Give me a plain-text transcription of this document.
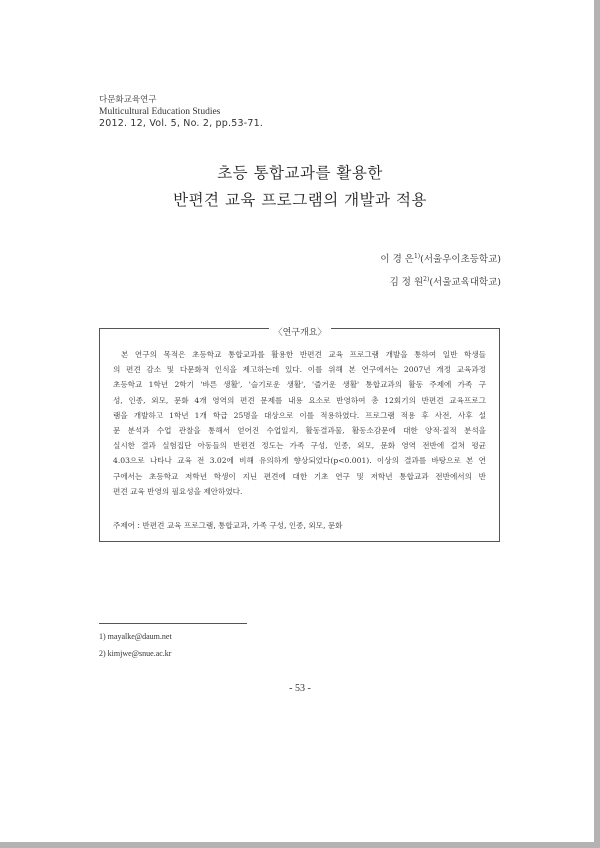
다문화교육연구
Multicultural Education Studies
2012. 12, Vol. 5, No. 2, pp.53-71.
초등 통합교과를 활용한
반편견 교육 프로그램의 개발과 적용
이 경 은$^{1)}$(서울우이초등학교)
김 정 원$^{2)}$(서울교육대학교)
〈연구개요〉
본 연구의 목적은 초등학교 통합교과를 활용한 반편견 교육 프로그램 개발을 통하여 일반 학생들
의 편견 감소 및 다문화적 인식을 제고하는데 있다. 이를 위해 본 연구에서는 2007년 개정 교육과정
초등학교 1학년 2학기 '바른 생활', '슬기로운 생활', '즐거운 생활' 통합교과의 활동 주제에 가족 구
성, 인종, 외모, 문화 4개 영역의 편견 문제를 내용 요소로 반영하여 총 12회기의 반편견 교육프로그
램을 개발하고 1학년 1개 학급 25명을 대상으로 이를 적용하였다. 프로그램 적용 후 사전, 사후 설
문 분석과 수업 관찰을 통해서 얻어진 수업일지, 활동결과물, 활동소감문에 대한 양적·질적 분석을
실시한 결과 실험집단 아동들의 반편견 정도는 가족 구성, 인종, 외모, 문화 영역 전반에 걸쳐 평균
4.03으로 나타나 교육 전 3.02에 비해 유의하게 향상되었다(p<0.001). 이상의 결과를 바탕으로 본 연
구에서는 초등학교 저학년 학생이 지닌 편견에 대한 기초 연구 및 저학년 통합교과 전반에서의 반
편견 교육 반영의 필요성을 제안하였다.
주제어 : 반편견 교육 프로그램, 통합교과, 가족 구성, 인종, 외모, 문화
1) mayalke@daum.net
2) kimjwe@snue.ac.kr
- 53 -
